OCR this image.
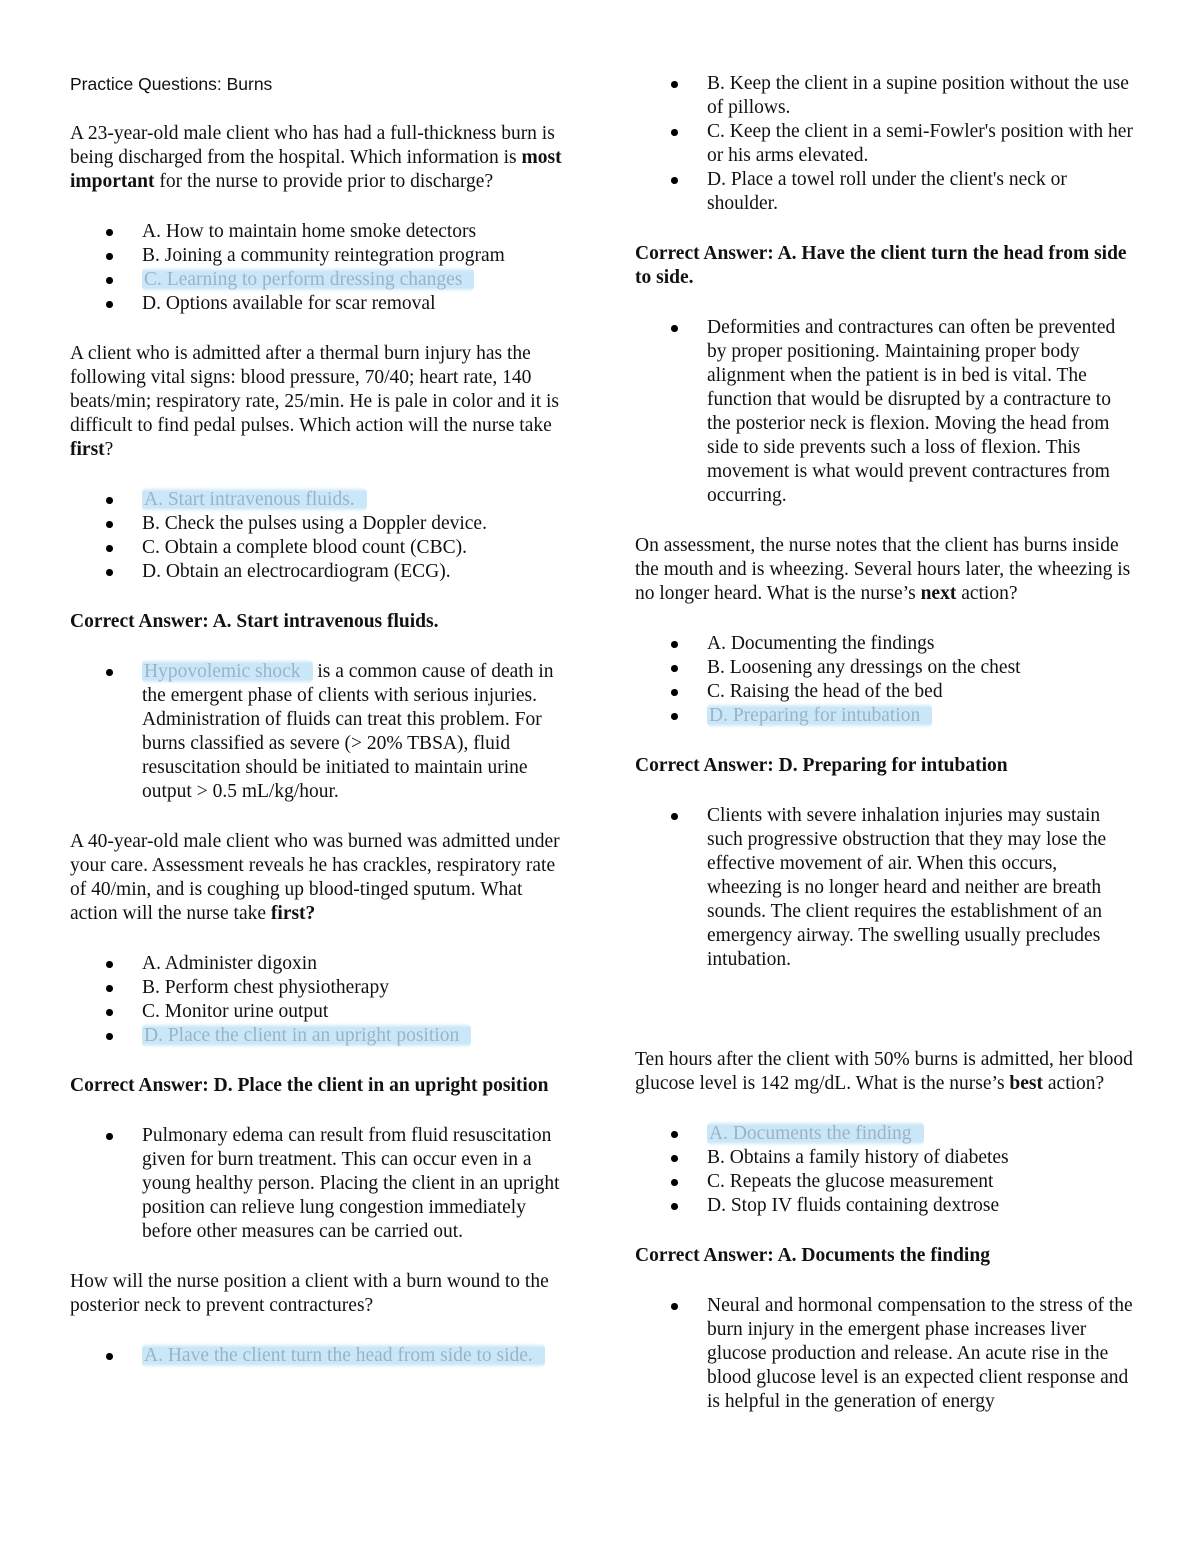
Practice Questions: Burns

A 23-year-old male client who has had a full-thickness burn is being discharged from the hospital. Which information is most important for the nurse to provide prior to discharge?

A. How to maintain home smoke detectors
B. Joining a community reintegration program
C. Learning to perform dressing changes
D. Options available for scar removal

A client who is admitted after a thermal burn injury has the following vital signs: blood pressure, 70/40; heart rate, 140 beats/min; respiratory rate, 25/min. He is pale in color and it is difficult to find pedal pulses. Which action will the nurse take first?

A. Start intravenous fluids.
B. Check the pulses using a Doppler device.
C. Obtain a complete blood count (CBC).
D. Obtain an electrocardiogram (ECG).

Correct Answer: A. Start intravenous fluids.

Hypovolemic shock is a common cause of death in the emergent phase of clients with serious injuries. Administration of fluids can treat this problem. For burns classified as severe (> 20% TBSA), fluid resuscitation should be initiated to maintain urine output > 0.5 mL/kg/hour.

A 40-year-old male client who was burned was admitted under your care. Assessment reveals he has crackles, respiratory rate of 40/min, and is coughing up blood-tinged sputum. What action will the nurse take first?

A. Administer digoxin
B. Perform chest physiotherapy
C. Monitor urine output
D. Place the client in an upright position

Correct Answer: D. Place the client in an upright position

Pulmonary edema can result from fluid resuscitation given for burn treatment. This can occur even in a young healthy person. Placing the client in an upright position can relieve lung congestion immediately before other measures can be carried out.

How will the nurse position a client with a burn wound to the posterior neck to prevent contractures?

A. Have the client turn the head from side to side.
B. Keep the client in a supine position without the use of pillows.
C. Keep the client in a semi-Fowler's position with her or his arms elevated.
D. Place a towel roll under the client's neck or shoulder.

Correct Answer: A. Have the client turn the head from side to side.

Deformities and contractures can often be prevented by proper positioning. Maintaining proper body alignment when the patient is in bed is vital. The function that would be disrupted by a contracture to the posterior neck is flexion. Moving the head from side to side prevents such a loss of flexion. This movement is what would prevent contractures from occurring.

On assessment, the nurse notes that the client has burns inside the mouth and is wheezing. Several hours later, the wheezing is no longer heard. What is the nurse’s next action?

A. Documenting the findings
B. Loosening any dressings on the chest
C. Raising the head of the bed
D. Preparing for intubation

Correct Answer: D. Preparing for intubation

Clients with severe inhalation injuries may sustain such progressive obstruction that they may lose the effective movement of air. When this occurs, wheezing is no longer heard and neither are breath sounds. The client requires the establishment of an emergency airway. The swelling usually precludes intubation.

Ten hours after the client with 50% burns is admitted, her blood glucose level is 142 mg/dL. What is the nurse’s best action?

A. Documents the finding
B. Obtains a family history of diabetes
C. Repeats the glucose measurement
D. Stop IV fluids containing dextrose

Correct Answer: A. Documents the finding

Neural and hormonal compensation to the stress of the burn injury in the emergent phase increases liver glucose production and release. An acute rise in the blood glucose level is an expected client response and is helpful in the generation of energy
